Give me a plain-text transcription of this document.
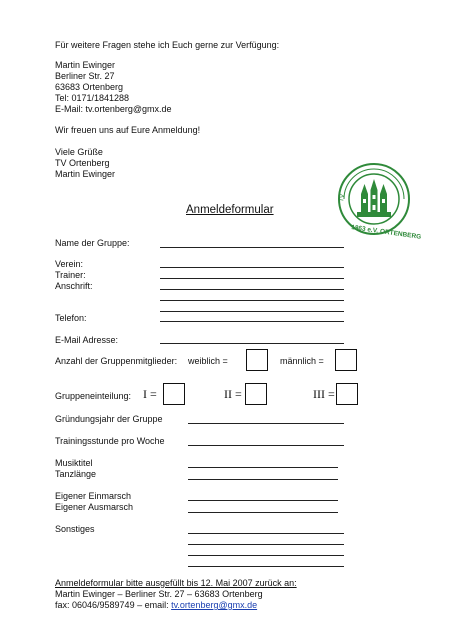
Für weitere Fragen stehe ich Euch gerne zur Verfügung:
Martin Ewinger
Berliner Str. 27
63683 Ortenberg
Tel: 0171/1841288
E-Mail: tv.ortenberg@gmx.de
Wir freuen uns auf Eure Anmeldung!
Viele Grüße
TV Ortenberg
Martin Ewinger
TV
1863 e.V. ORTENBERG
Anmeldeformular
Name der Gruppe:
Verein:
Trainer:
Anschrift:
Telefon:
E-Mail Adresse:
Anzahl der Gruppenmitglieder: weiblich =	männlich =
Gruppeneinteilung: I =	II =	III =
Gründungsjahr der Gruppe
Trainingsstunde pro Woche
Musiktitel
Tanzlänge
Eigener Einmarsch
Eigener Ausmarsch
Sonstiges
Anmeldeformular bitte ausgefüllt bis 12. Mai 2007 zurück an:
Martin Ewinger – Berliner Str. 27 – 63683 Ortenberg
fax: 06046/9589749 – email: tv.ortenberg@gmx.de
